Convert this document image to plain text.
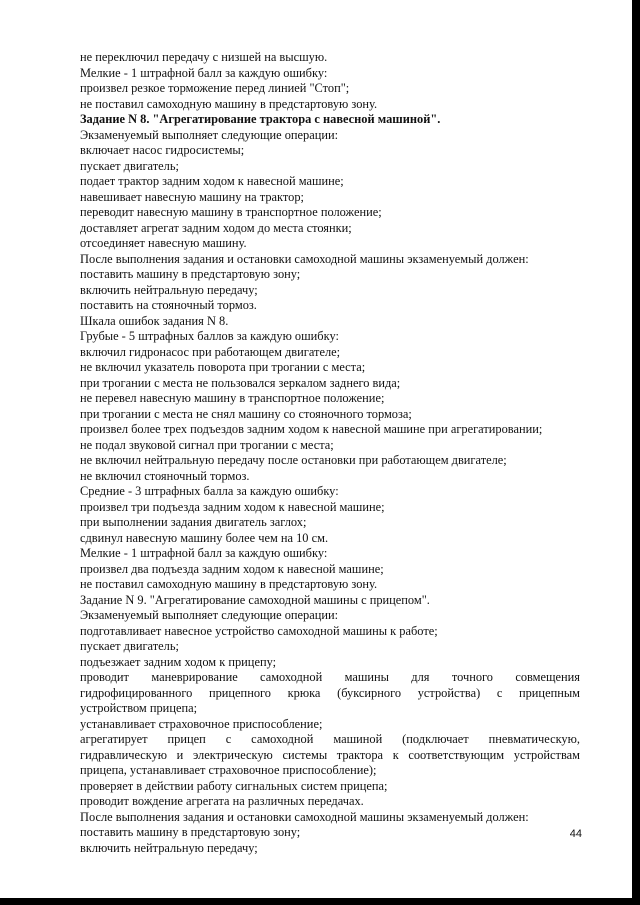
не переключил передачу с низшей на высшую.
Мелкие - 1 штрафной балл за каждую ошибку:
произвел резкое торможение перед линией "Стоп";
не поставил самоходную машину в предстартовую зону.
Задание N 8. "Агрегатирование трактора с навесной машиной".
Экзаменуемый выполняет следующие операции:
включает насос гидросистемы;
пускает двигатель;
подает трактор задним ходом к навесной машине;
навешивает навесную машину на трактор;
переводит навесную машину в транспортное положение;
доставляет агрегат задним ходом до места стоянки;
отсоединяет навесную машину.
После выполнения задания и остановки самоходной машины экзаменуемый должен:
поставить машину в предстартовую зону;
включить нейтральную передачу;
поставить на стояночный тормоз.
Шкала ошибок задания N 8.
Грубые - 5 штрафных баллов за каждую ошибку:
включил гидронасос при работающем двигателе;
не включил указатель поворота при трогании с места;
при трогании с места не пользовался зеркалом заднего вида;
не перевел навесную машину в транспортное положение;
при трогании с места не снял машину со стояночного тормоза;
произвел более трех подъездов задним ходом к навесной машине при агрегатировании;
не подал звуковой сигнал при трогании с места;
не включил нейтральную передачу после остановки при работающем двигателе;
не включил стояночный тормоз.
Средние - 3 штрафных балла за каждую ошибку:
произвел три подъезда задним ходом к навесной машине;
при выполнении задания двигатель заглох;
сдвинул навесную машину более чем на 10 см.
Мелкие - 1 штрафной балл за каждую ошибку:
произвел два подъезда задним ходом к навесной машине;
не поставил самоходную машину в предстартовую зону.
Задание N 9. "Агрегатирование самоходной машины с прицепом".
Экзаменуемый выполняет следующие операции:
подготавливает навесное устройство самоходной машины к работе;
пускает двигатель;
подъезжает задним ходом к прицепу;
проводит маневрирование самоходной машины для точного совмещения
гидрофицированного прицепного крюка (буксирного устройства) с прицепным
устройством прицепа;
устанавливает страховочное приспособление;
агрегатирует прицеп с самоходной машиной (подключает пневматическую,
гидравлическую и электрическую системы трактора к соответствующим устройствам
прицепа, устанавливает страховочное приспособление);
проверяет в действии работу сигнальных систем прицепа;
проводит вождение агрегата на различных передачах.
После выполнения задания и остановки самоходной машины экзаменуемый должен:
поставить машину в предстартовую зону;
включить нейтральную передачу;
44
